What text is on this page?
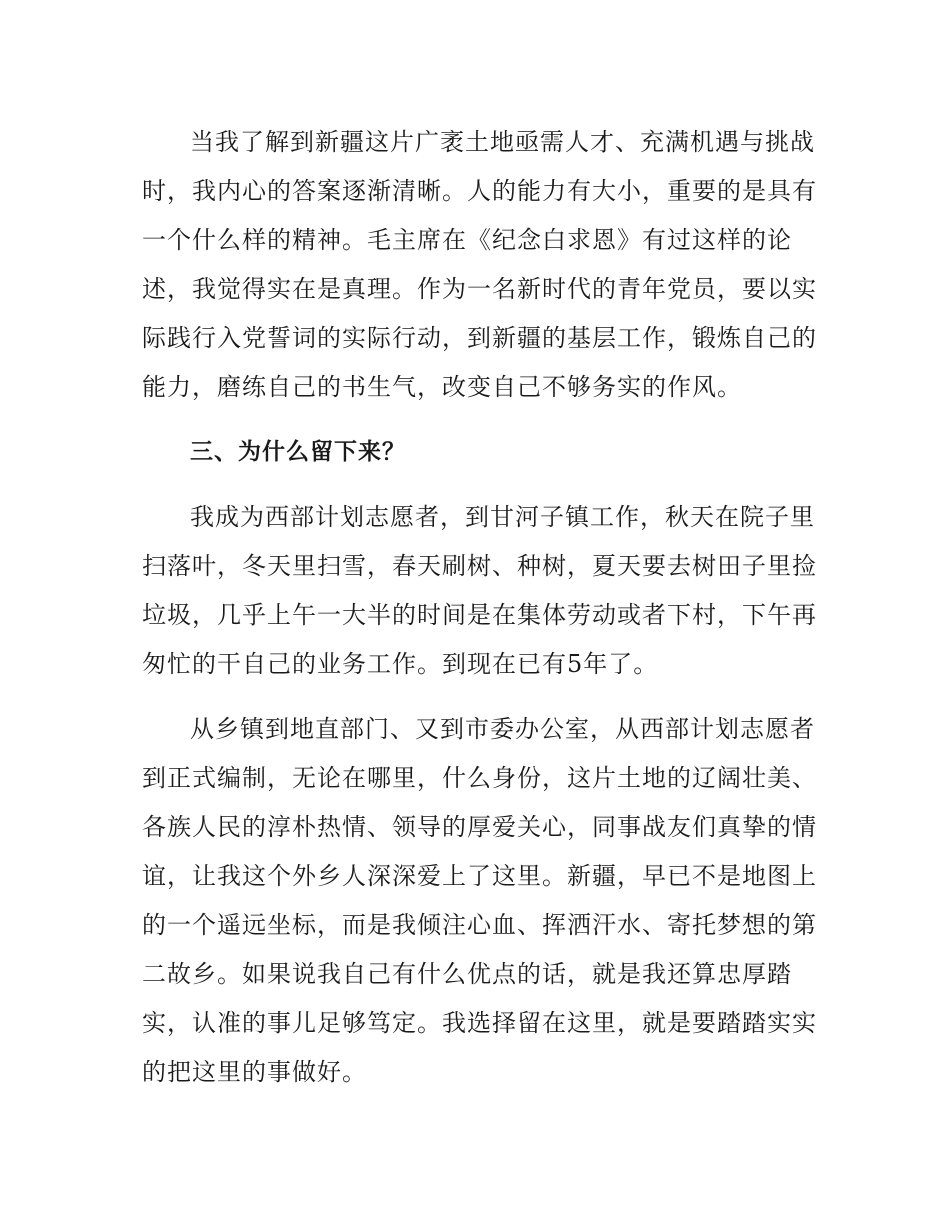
当我了解到新疆这片广袤土地亟需人才、充满机遇与挑战时，我内心的答案逐渐清晰。人的能力有大小，重要的是具有一个什么样的精神。毛主席在《纪念白求恩》有过这样的论述，我觉得实在是真理。作为一名新时代的青年党员，要以实际践行入党誓词的实际行动，到新疆的基层工作，锻炼自己的能力，磨练自己的书生气，改变自己不够务实的作风。

三、为什么留下来？

我成为西部计划志愿者，到甘河子镇工作，秋天在院子里扫落叶，冬天里扫雪，春天刷树、种树，夏天要去树田子里捡垃圾，几乎上午一大半的时间是在集体劳动或者下村，下午再匆忙的干自己的业务工作。到现在已有5年了。

从乡镇到地直部门、又到市委办公室，从西部计划志愿者到正式编制，无论在哪里，什么身份，这片土地的辽阔壮美、各族人民的淳朴热情、领导的厚爱关心，同事战友们真挚的情谊，让我这个外乡人深深爱上了这里。新疆，早已不是地图上的一个遥远坐标，而是我倾注心血、挥洒汗水、寄托梦想的第二故乡。如果说我自己有什么优点的话，就是我还算忠厚踏实，认准的事儿足够笃定。我选择留在这里，就是要踏踏实实的把这里的事做好。
